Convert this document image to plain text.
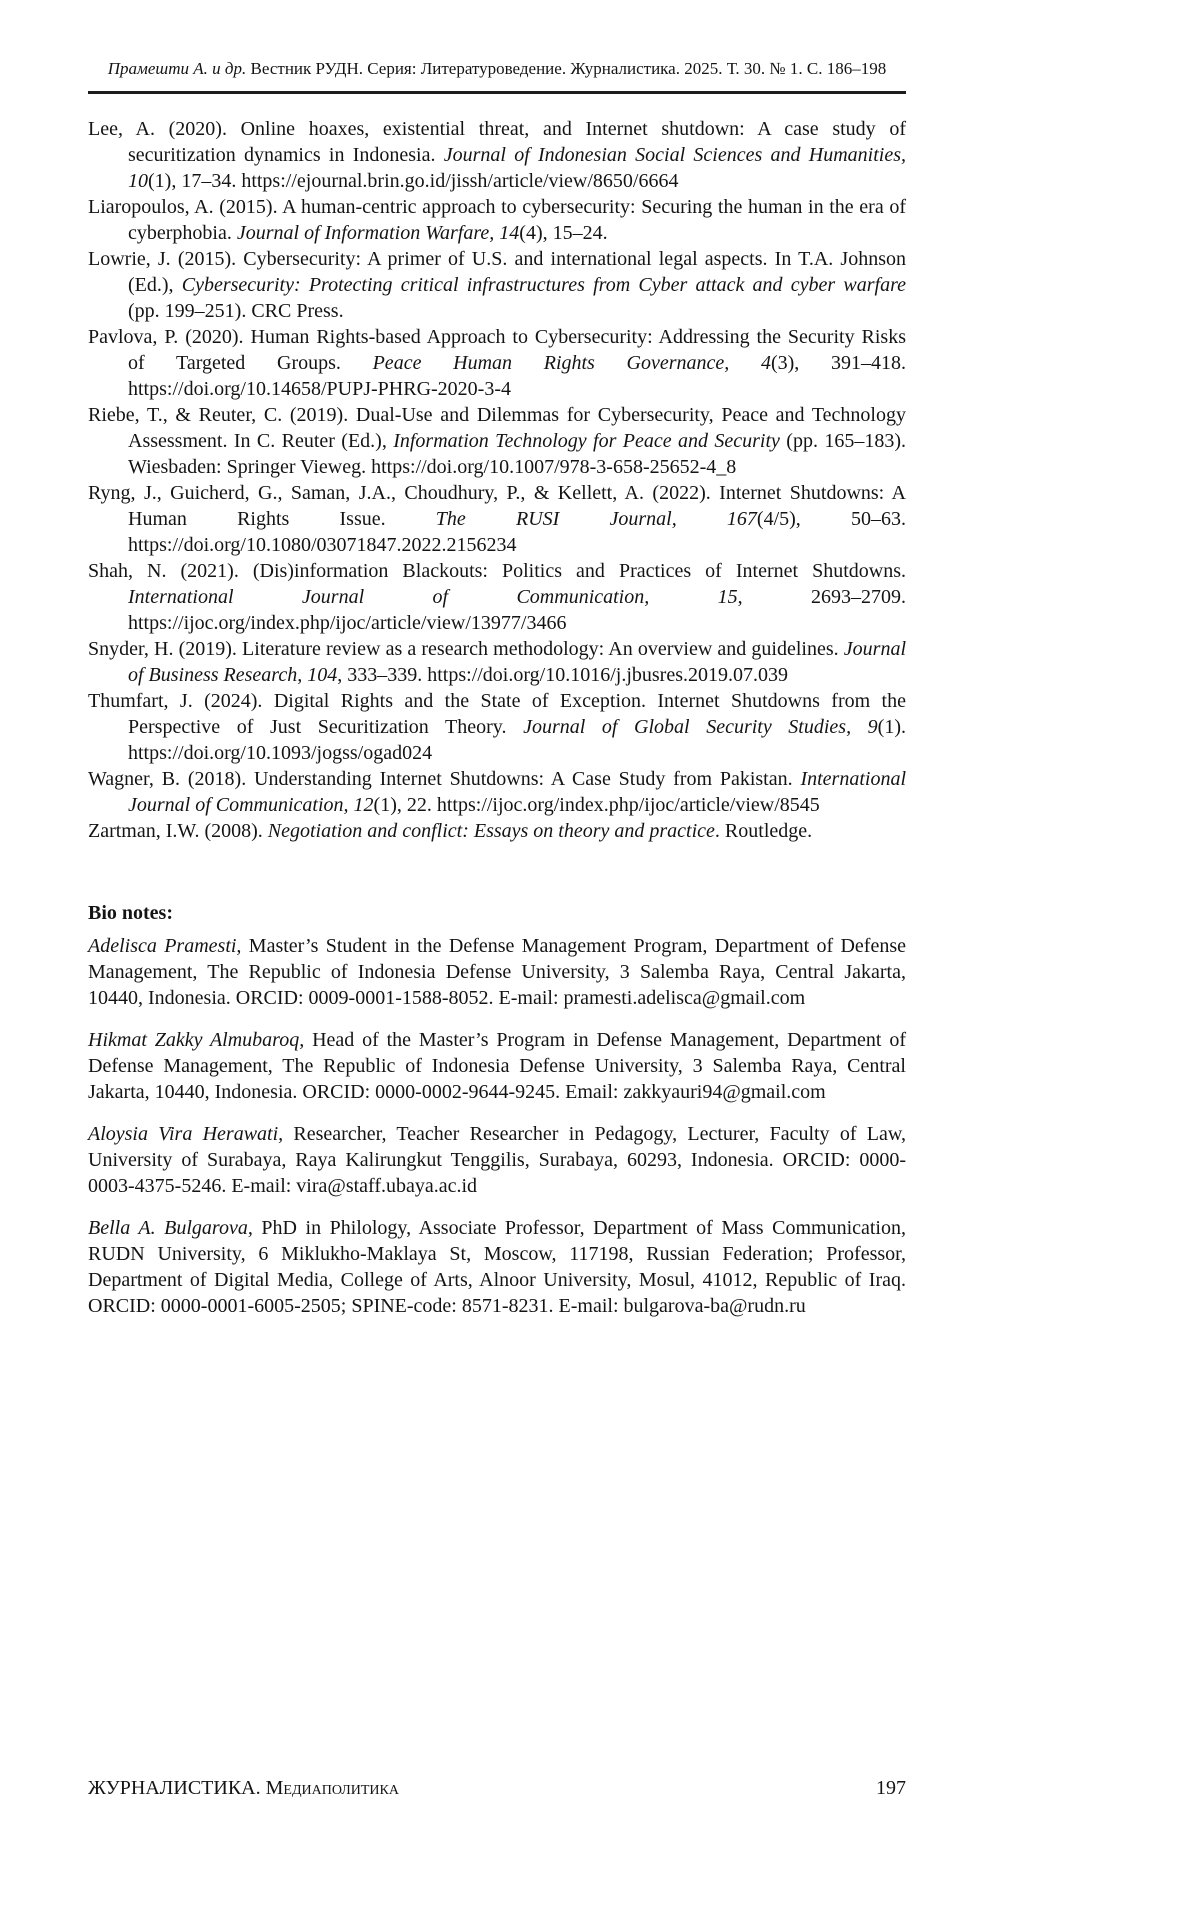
Прамешти А. и др. Вестник РУДН. Серия: Литературоведение. Журналистика. 2025. Т. 30. № 1. С. 186–198

Lee, A. (2020). Online hoaxes, existential threat, and Internet shutdown: A case study of securitization dynamics in Indonesia. Journal of Indonesian Social Sciences and Humanities, 10(1), 17–34. https://ejournal.brin.go.id/jissh/article/view/8650/6664

Liaropoulos, A. (2015). A human-centric approach to cybersecurity: Securing the human in the era of cyberphobia. Journal of Information Warfare, 14(4), 15–24.

Lowrie, J. (2015). Cybersecurity: A primer of U.S. and international legal aspects. In T.A. Johnson (Ed.), Cybersecurity: Protecting critical infrastructures from Cyber attack and cyber warfare (pp. 199–251). CRC Press.

Pavlova, P. (2020). Human Rights-based Approach to Cybersecurity: Addressing the Security Risks of Targeted Groups. Peace Human Rights Governance, 4(3), 391–418. https://doi.org/10.14658/PUPJ-PHRG-2020-3-4

Riebe, T., & Reuter, C. (2019). Dual-Use and Dilemmas for Cybersecurity, Peace and Technology Assessment. In C. Reuter (Ed.), Information Technology for Peace and Security (pp. 165–183). Wiesbaden: Springer Vieweg. https://doi.org/10.1007/978-3-658-25652-4_8

Ryng, J., Guicherd, G., Saman, J.A., Choudhury, P., & Kellett, A. (2022). Internet Shutdowns: A Human Rights Issue. The RUSI Journal, 167(4/5), 50–63. https://doi.org/10.1080/03071847.2022.2156234

Shah, N. (2021). (Dis)information Blackouts: Politics and Practices of Internet Shutdowns. International Journal of Communication, 15, 2693–2709. https://ijoc.org/index.php/ijoc/article/view/13977/3466

Snyder, H. (2019). Literature review as a research methodology: An overview and guidelines. Journal of Business Research, 104, 333–339. https://doi.org/10.1016/j.jbusres.2019.07.039

Thumfart, J. (2024). Digital Rights and the State of Exception. Internet Shutdowns from the Perspective of Just Securitization Theory. Journal of Global Security Studies, 9(1). https://doi.org/10.1093/jogss/ogad024

Wagner, B. (2018). Understanding Internet Shutdowns: A Case Study from Pakistan. International Journal of Communication, 12(1), 22. https://ijoc.org/index.php/ijoc/article/view/8545

Zartman, I.W. (2008). Negotiation and conflict: Essays on theory and practice. Routledge.

Bio notes:

Adelisca Pramesti, Master’s Student in the Defense Management Program, Department of Defense Management, The Republic of Indonesia Defense University, 3 Salemba Raya, Central Jakarta, 10440, Indonesia. ORCID: 0009-0001-1588-8052. E-mail: pramesti.adelisca@gmail.com

Hikmat Zakky Almubaroq, Head of the Master’s Program in Defense Management, Department of Defense Management, The Republic of Indonesia Defense University, 3 Salemba Raya, Central Jakarta, 10440, Indonesia. ORCID: 0000-0002-9644-9245. Email: zakkyauri94@gmail.com

Aloysia Vira Herawati, Researcher, Teacher Researcher in Pedagogy, Lecturer, Faculty of Law, University of Surabaya, Raya Kalirungkut Tenggilis, Surabaya, 60293, Indonesia. ORCID: 0000-0003-4375-5246. E-mail: vira@staff.ubaya.ac.id

Bella A. Bulgarova, PhD in Philology, Associate Professor, Department of Mass Communication, RUDN University, 6 Miklukho-Maklaya St, Moscow, 117198, Russian Federation; Professor, Department of Digital Media, College of Arts, Alnoor University, Mosul, 41012, Republic of Iraq. ORCID: 0000-0001-6005-2505; SPINE-code: 8571-8231. E-mail: bulgarova-ba@rudn.ru

ЖУРНАЛИСТИКА. Медиаполитика	197
